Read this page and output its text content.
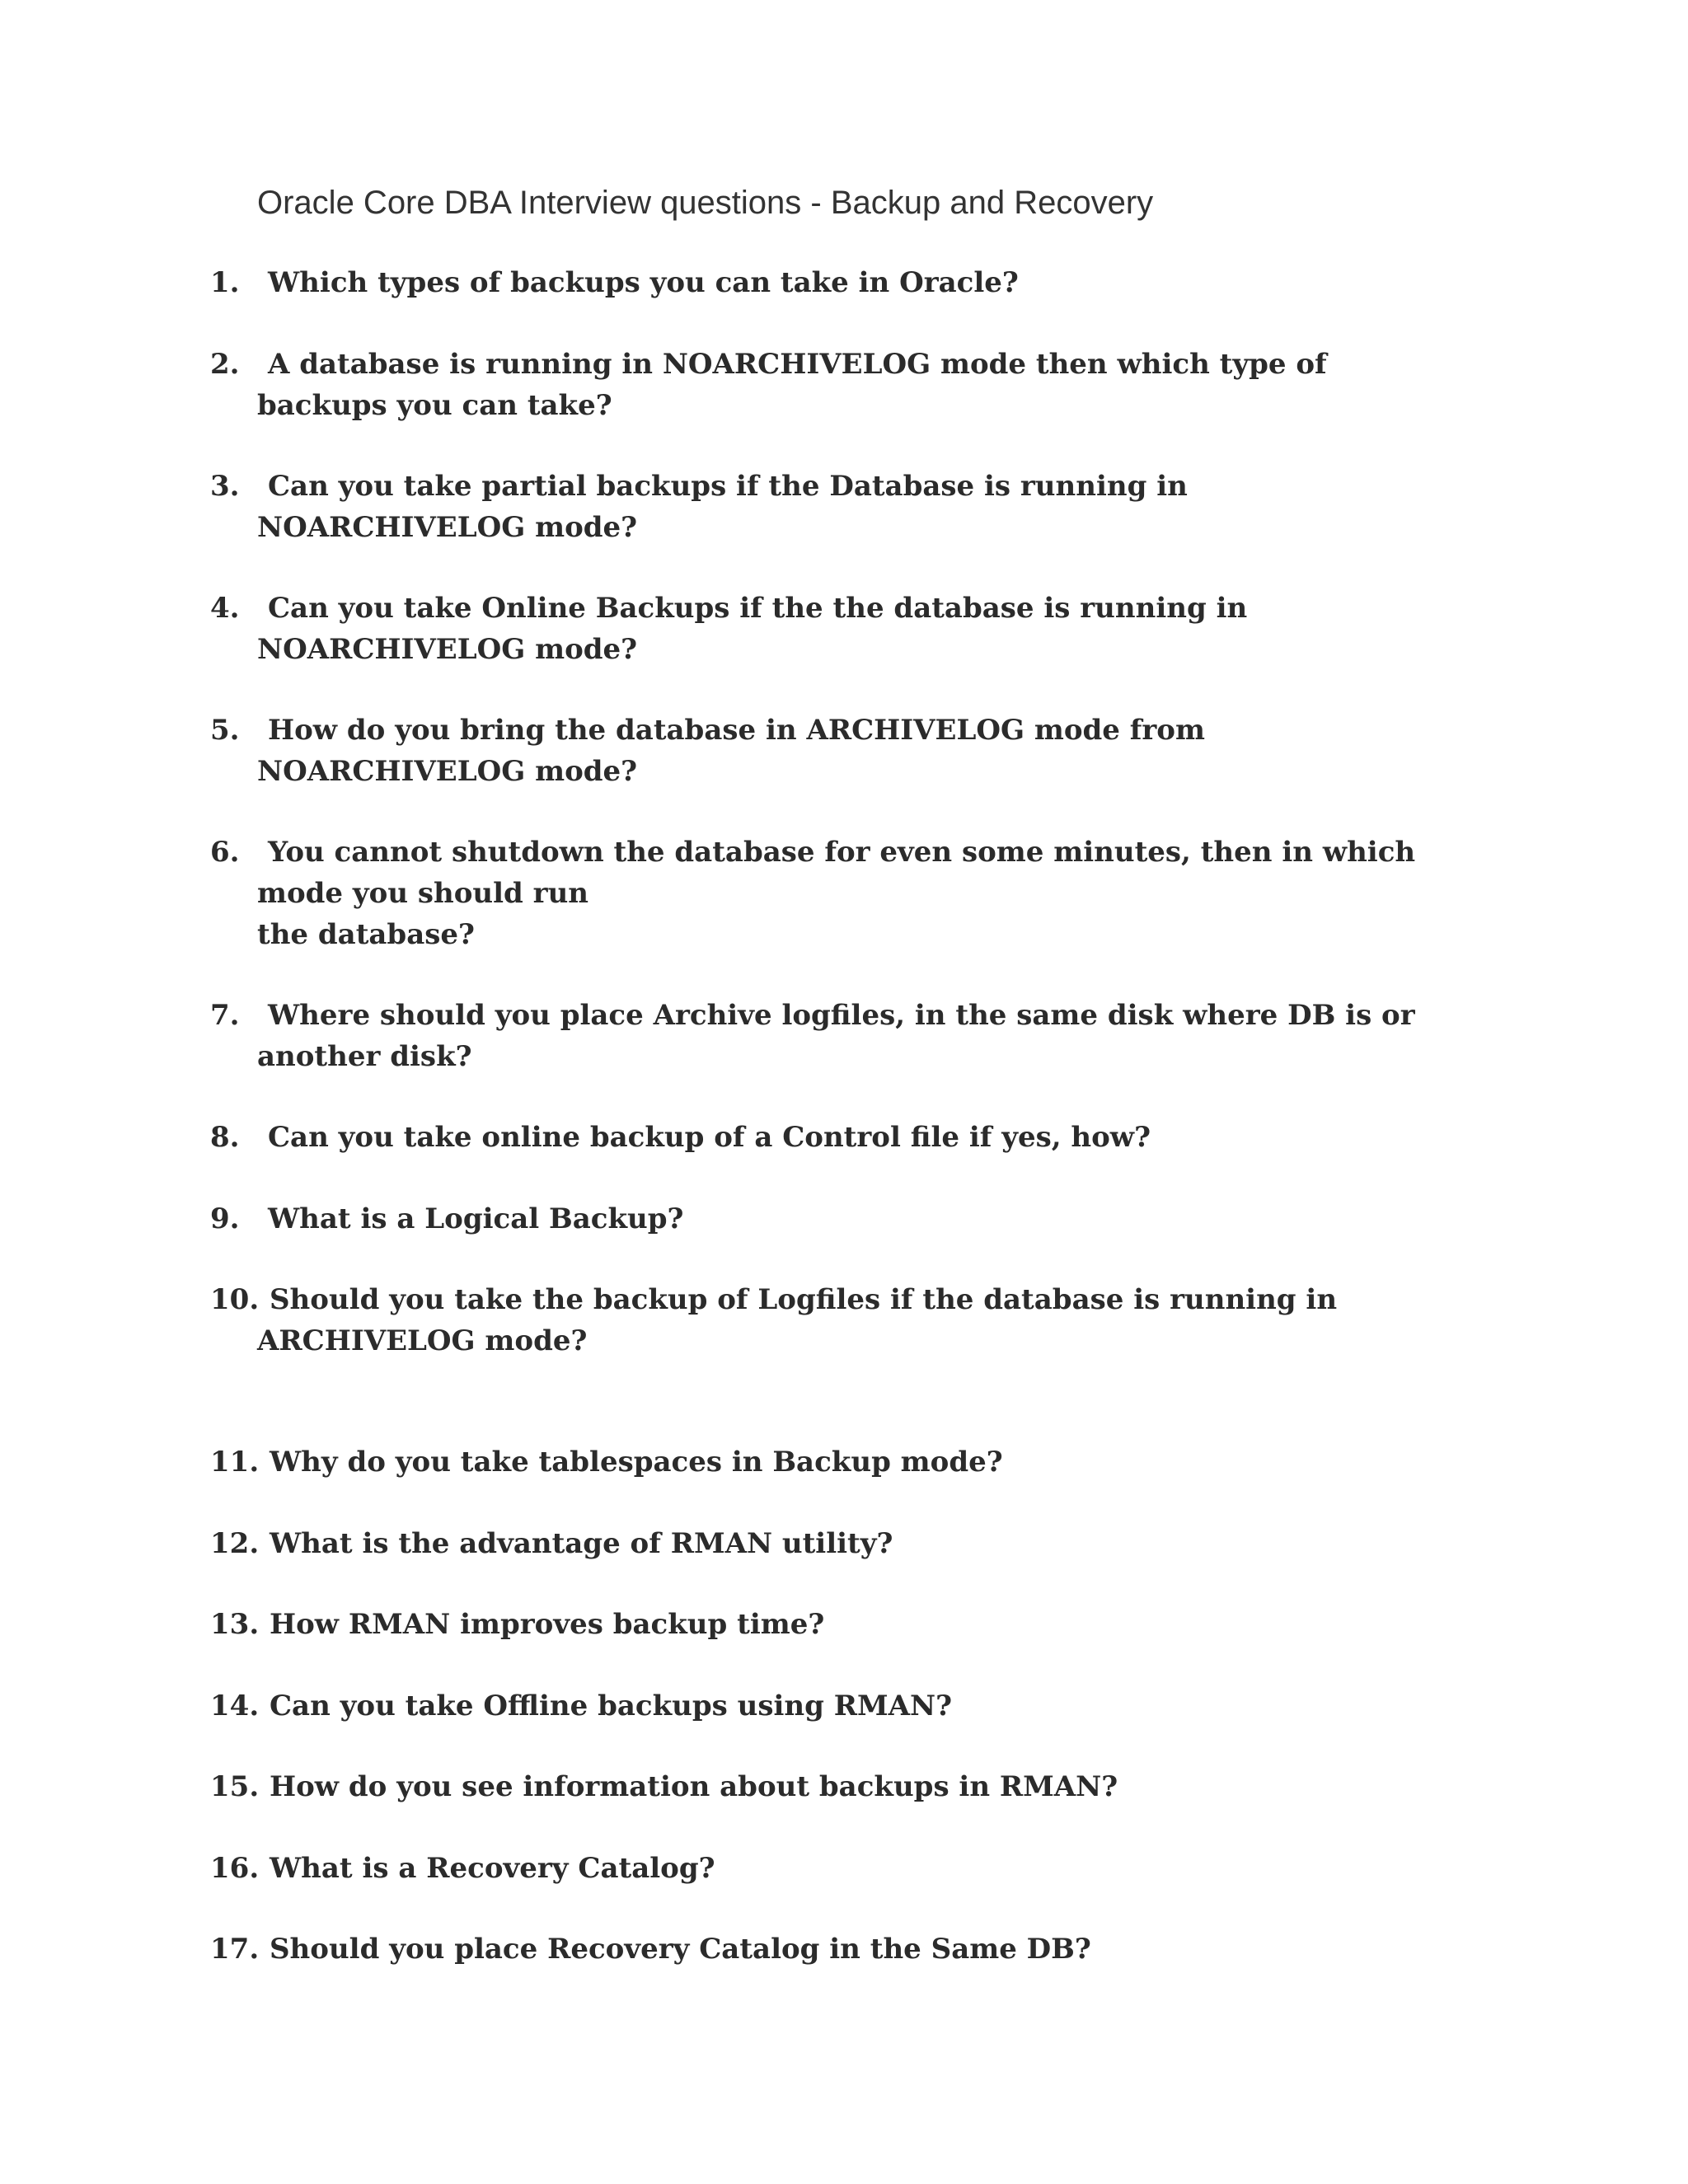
Oracle Core DBA Interview questions - Backup and Recovery
1. Which types of backups you can take in Oracle?
2. A database is running in NOARCHIVELOG mode then which type of
backups you can take?
3. Can you take partial backups if the Database is running in
NOARCHIVELOG mode?
4. Can you take Online Backups if the the database is running in
NOARCHIVELOG mode?
5. How do you bring the database in ARCHIVELOG mode from
NOARCHIVELOG mode?
6. You cannot shutdown the database for even some minutes, then in which
mode you should run
the database?
7. Where should you place Archive logfiles, in the same disk where DB is or
another disk?
8. Can you take online backup of a Control file if yes, how?
9. What is a Logical Backup?
10. Should you take the backup of Logfiles if the database is running in
ARCHIVELOG mode?
11. Why do you take tablespaces in Backup mode?
12. What is the advantage of RMAN utility?
13. How RMAN improves backup time?
14. Can you take Offline backups using RMAN?
15. How do you see information about backups in RMAN?
16. What is a Recovery Catalog?
17. Should you place Recovery Catalog in the Same DB?
